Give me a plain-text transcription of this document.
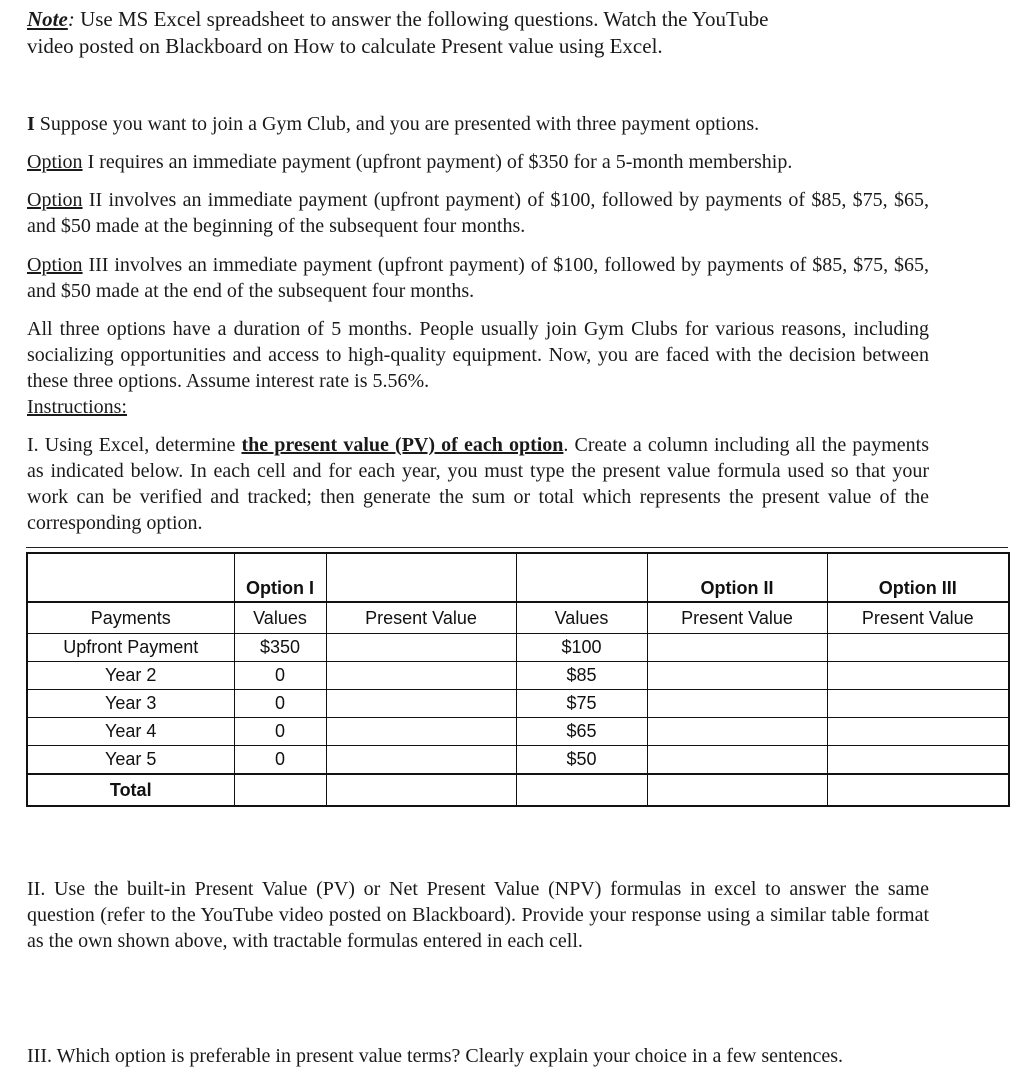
Note: Use MS Excel spreadsheet to answer the following questions. Watch the YouTube
video posted on Blackboard on How to calculate Present value using Excel.

I Suppose you want to join a Gym Club, and you are presented with three payment options.

Option I requires an immediate payment (upfront payment) of $350 for a 5-month membership.

Option II involves an immediate payment (upfront payment) of $100, followed by payments of $85, $75, $65, and $50 made at the beginning of the subsequent four months.

Option III involves an immediate payment (upfront payment) of $100, followed by payments of $85, $75, $65, and $50 made at the end of the subsequent four months.

All three options have a duration of 5 months. People usually join Gym Clubs for various reasons, including socializing opportunities and access to high-quality equipment. Now, you are faced with the decision between these three options. Assume interest rate is 5.56%.

Instructions:

I. Using Excel, determine the present value (PV) of each option. Create a column including all the payments as indicated below. In each cell and for each year, you must type the present value formula used so that your work can be verified and tracked; then generate the sum or total which represents the present value of the corresponding option.

	Option I			Option II	Option III
Payments	Values	Present Value	Values	Present Value	Present Value
Upfront Payment	$350		$100		
Year 2	0		$85		
Year 3	0		$75		
Year 4	0		$65		
Year 5	0		$50		
Total					

II. Use the built-in Present Value (PV) or Net Present Value (NPV) formulas in excel to answer the same question (refer to the YouTube video posted on Blackboard). Provide your response using a similar table format as the own shown above, with tractable formulas entered in each cell.

III. Which option is preferable in present value terms? Clearly explain your choice in a few sentences.
